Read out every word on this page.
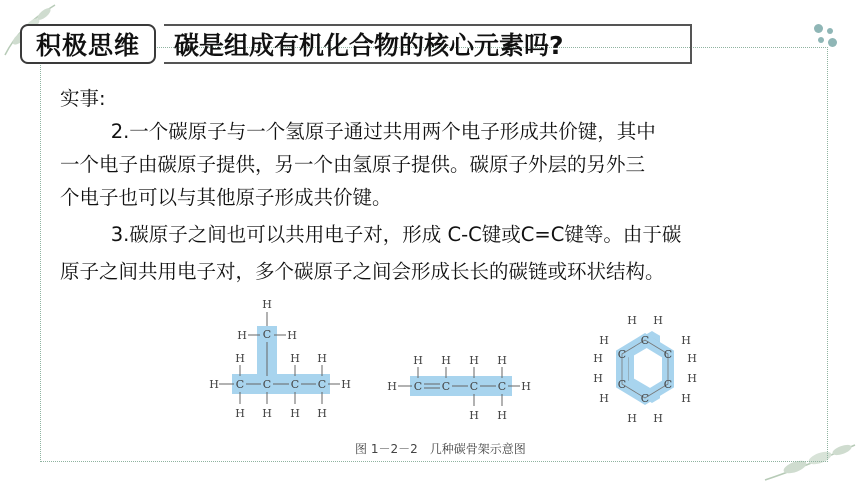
积极思维	碳是组成有机化合物的核心元素吗?

实事:

2.一个碳原子与一个氢原子通过共用两个电子形成共价键，其中

一个电子由碳原子提供，另一个由氢原子提供。碳原子外层的另外三

个电子也可以与其他原子形成共价键。

3.碳原子之间也可以共用电子对，形成 C-C键或C=C键等。由于碳

原子之间共用电子对，多个碳原子之间会形成长长的碳链或环状结构。

H
C
H	H
H	H
H C C C C H
H
H H H H
H C C C C H
H H H H
H H
C
C
C
C
C
C
H H
H
H
H
H
H H
H
H
H
H
图 1－2－2　几种碳骨架示意图
